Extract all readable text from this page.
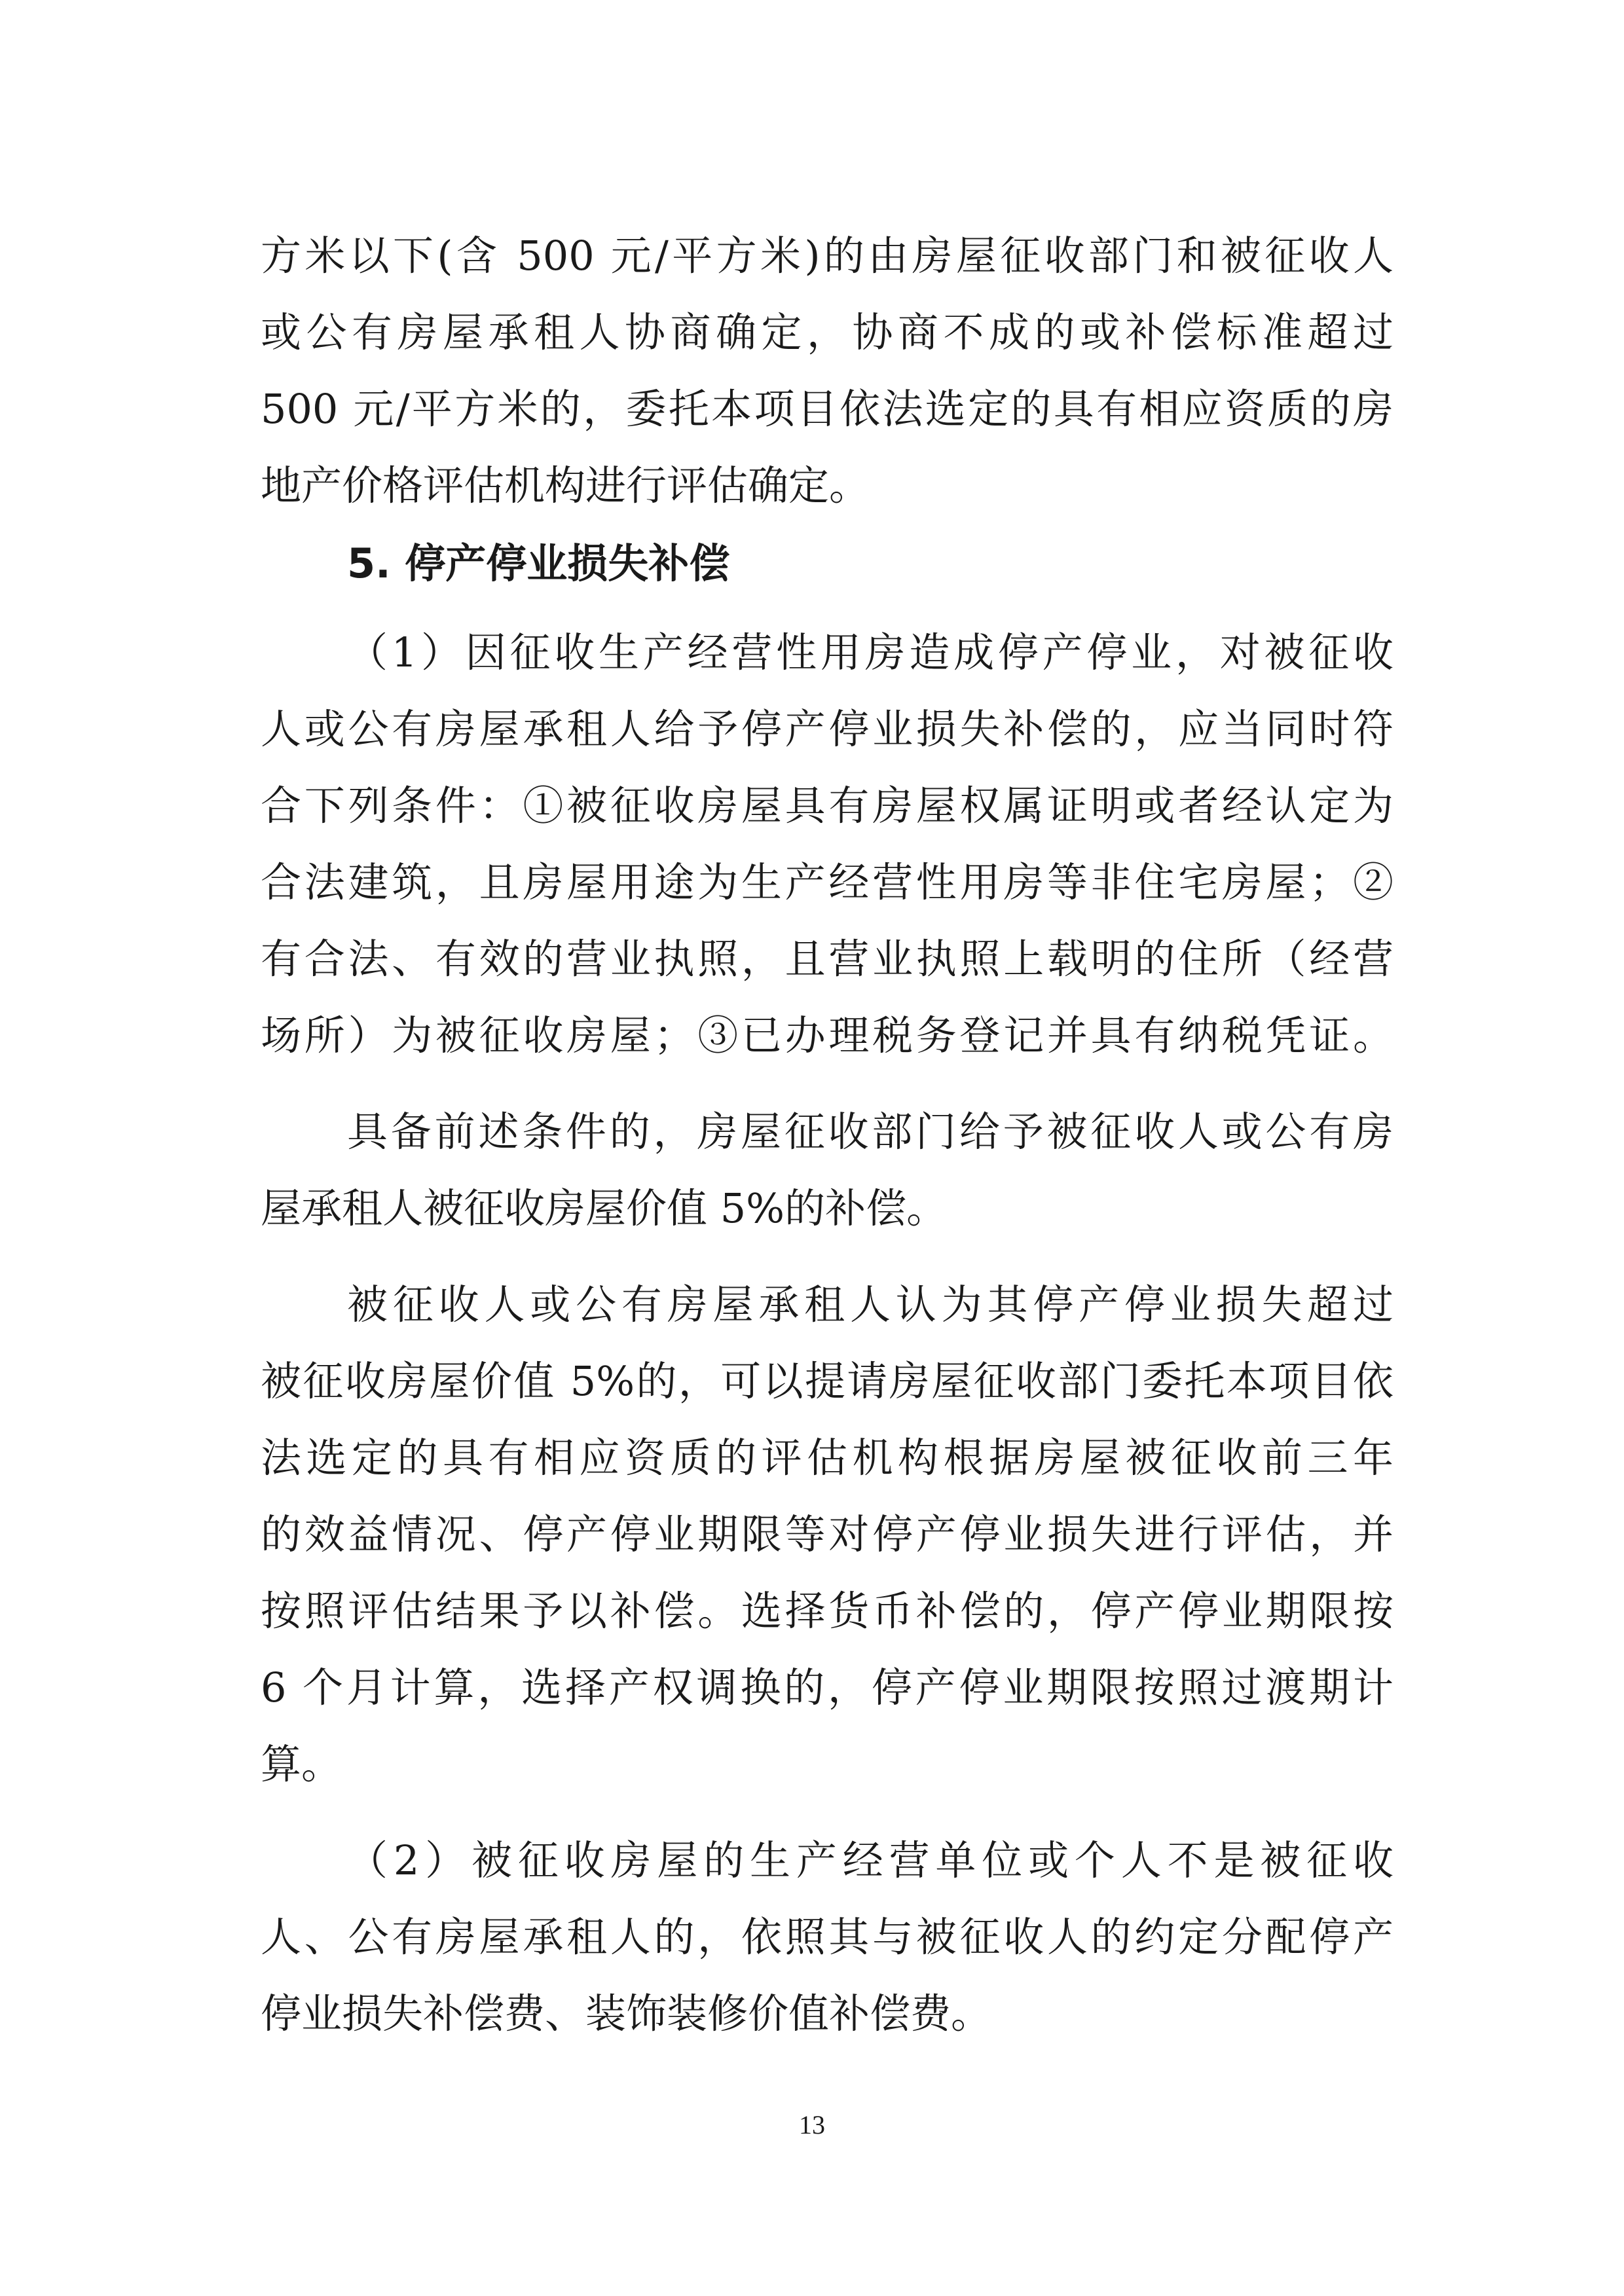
方米以下(含 500 元/平方米)的由房屋征收部门和被征收人
或公有房屋承租人协商确定，协商不成的或补偿标准超过
500 元/平方米的，委托本项目依法选定的具有相应资质的房
地产价格评估机构进行评估确定。
5. 停产停业损失补偿
（1）因征收生产经营性用房造成停产停业，对被征收
人或公有房屋承租人给予停产停业损失补偿的，应当同时符
合下列条件：①被征收房屋具有房屋权属证明或者经认定为
合法建筑，且房屋用途为生产经营性用房等非住宅房屋；②
有合法、有效的营业执照，且营业执照上载明的住所（经营
场所）为被征收房屋；③已办理税务登记并具有纳税凭证。
具备前述条件的，房屋征收部门给予被征收人或公有房
屋承租人被征收房屋价值 5%的补偿。
被征收人或公有房屋承租人认为其停产停业损失超过
被征收房屋价值 5%的，可以提请房屋征收部门委托本项目依
法选定的具有相应资质的评估机构根据房屋被征收前三年
的效益情况、停产停业期限等对停产停业损失进行评估，并
按照评估结果予以补偿。选择货币补偿的，停产停业期限按
6 个月计算，选择产权调换的，停产停业期限按照过渡期计
算。
（2）被征收房屋的生产经营单位或个人不是被征收
人、公有房屋承租人的，依照其与被征收人的约定分配停产
停业损失补偿费、装饰装修价值补偿费。
13
